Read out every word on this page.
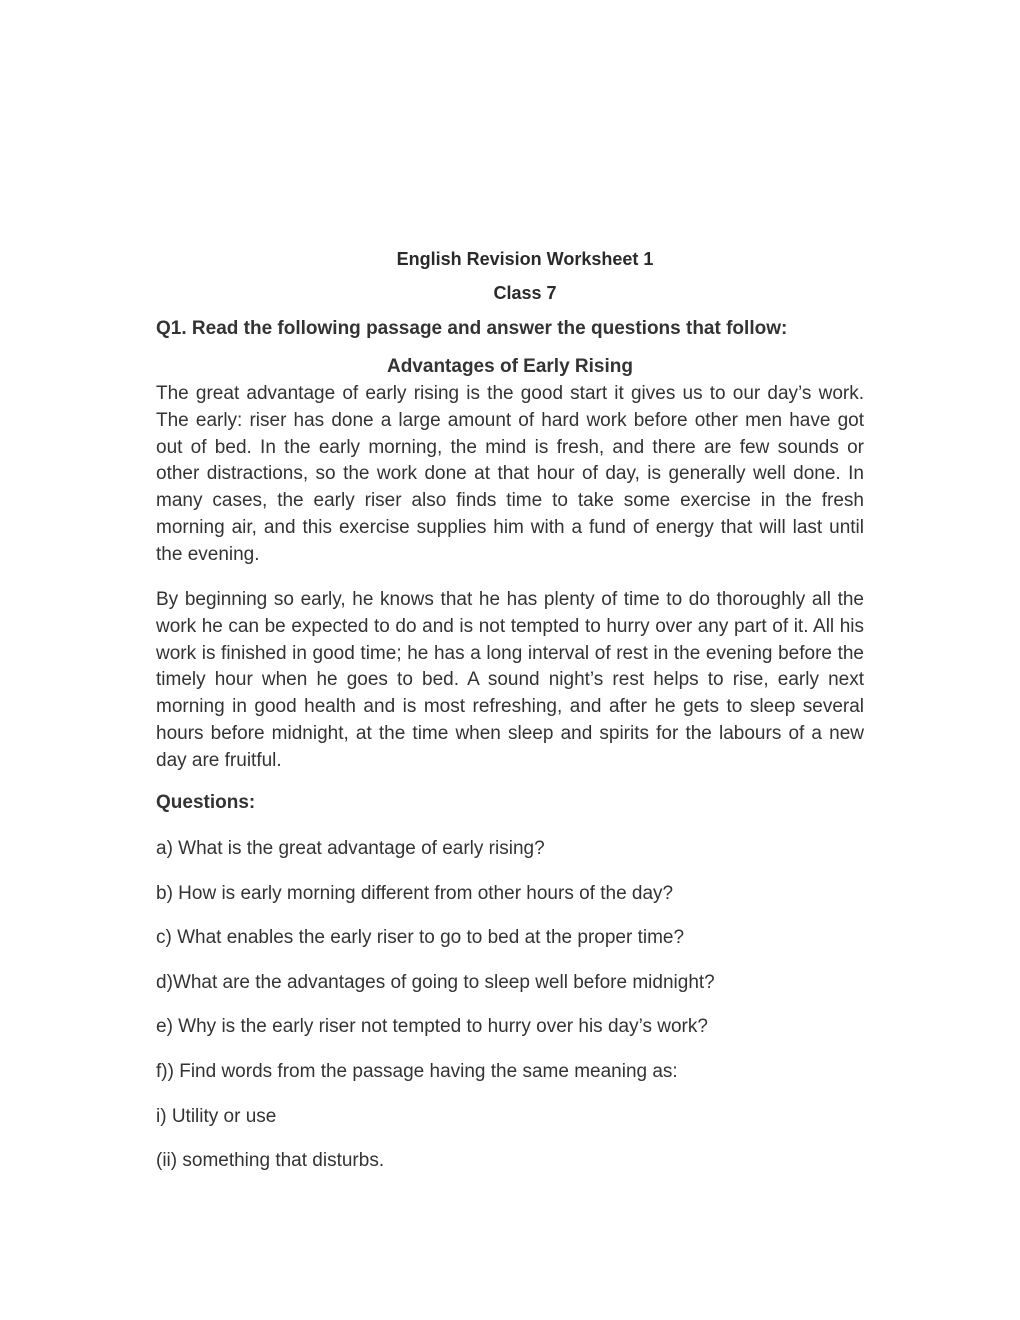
English Revision Worksheet 1
Class 7

Q1. Read the following passage and answer the questions that follow:

Advantages of Early Rising

The great advantage of early rising is the good start it gives us to our day’s work. The early: riser has done a large amount of hard work before other men have got out of bed. In the early morning, the mind is fresh, and there are few sounds or other distractions, so the work done at that hour of day, is generally well done. In many cases, the early riser also finds time to take some exercise in the fresh morning air, and this exercise supplies him with a fund of energy that will last until the evening.

By beginning so early, he knows that he has plenty of time to do thoroughly all the work he can be expected to do and is not tempted to hurry over any part of it. All his work is finished in good time; he has a long interval of rest in the evening before the timely hour when he goes to bed. A sound night’s rest helps to rise, early next morning in good health and is most refreshing, and after he gets to sleep several hours before midnight, at the time when sleep and spirits for the labours of a new day are fruitful.

Questions:

a) What is the great advantage of early rising?
b) How is early morning different from other hours of the day?
c) What enables the early riser to go to bed at the proper time?
d)What are the advantages of going to sleep well before midnight?
e) Why is the early riser not tempted to hurry over his day’s work?
f)) Find words from the passage having the same meaning as:
i) Utility or use
(ii) something that disturbs.
